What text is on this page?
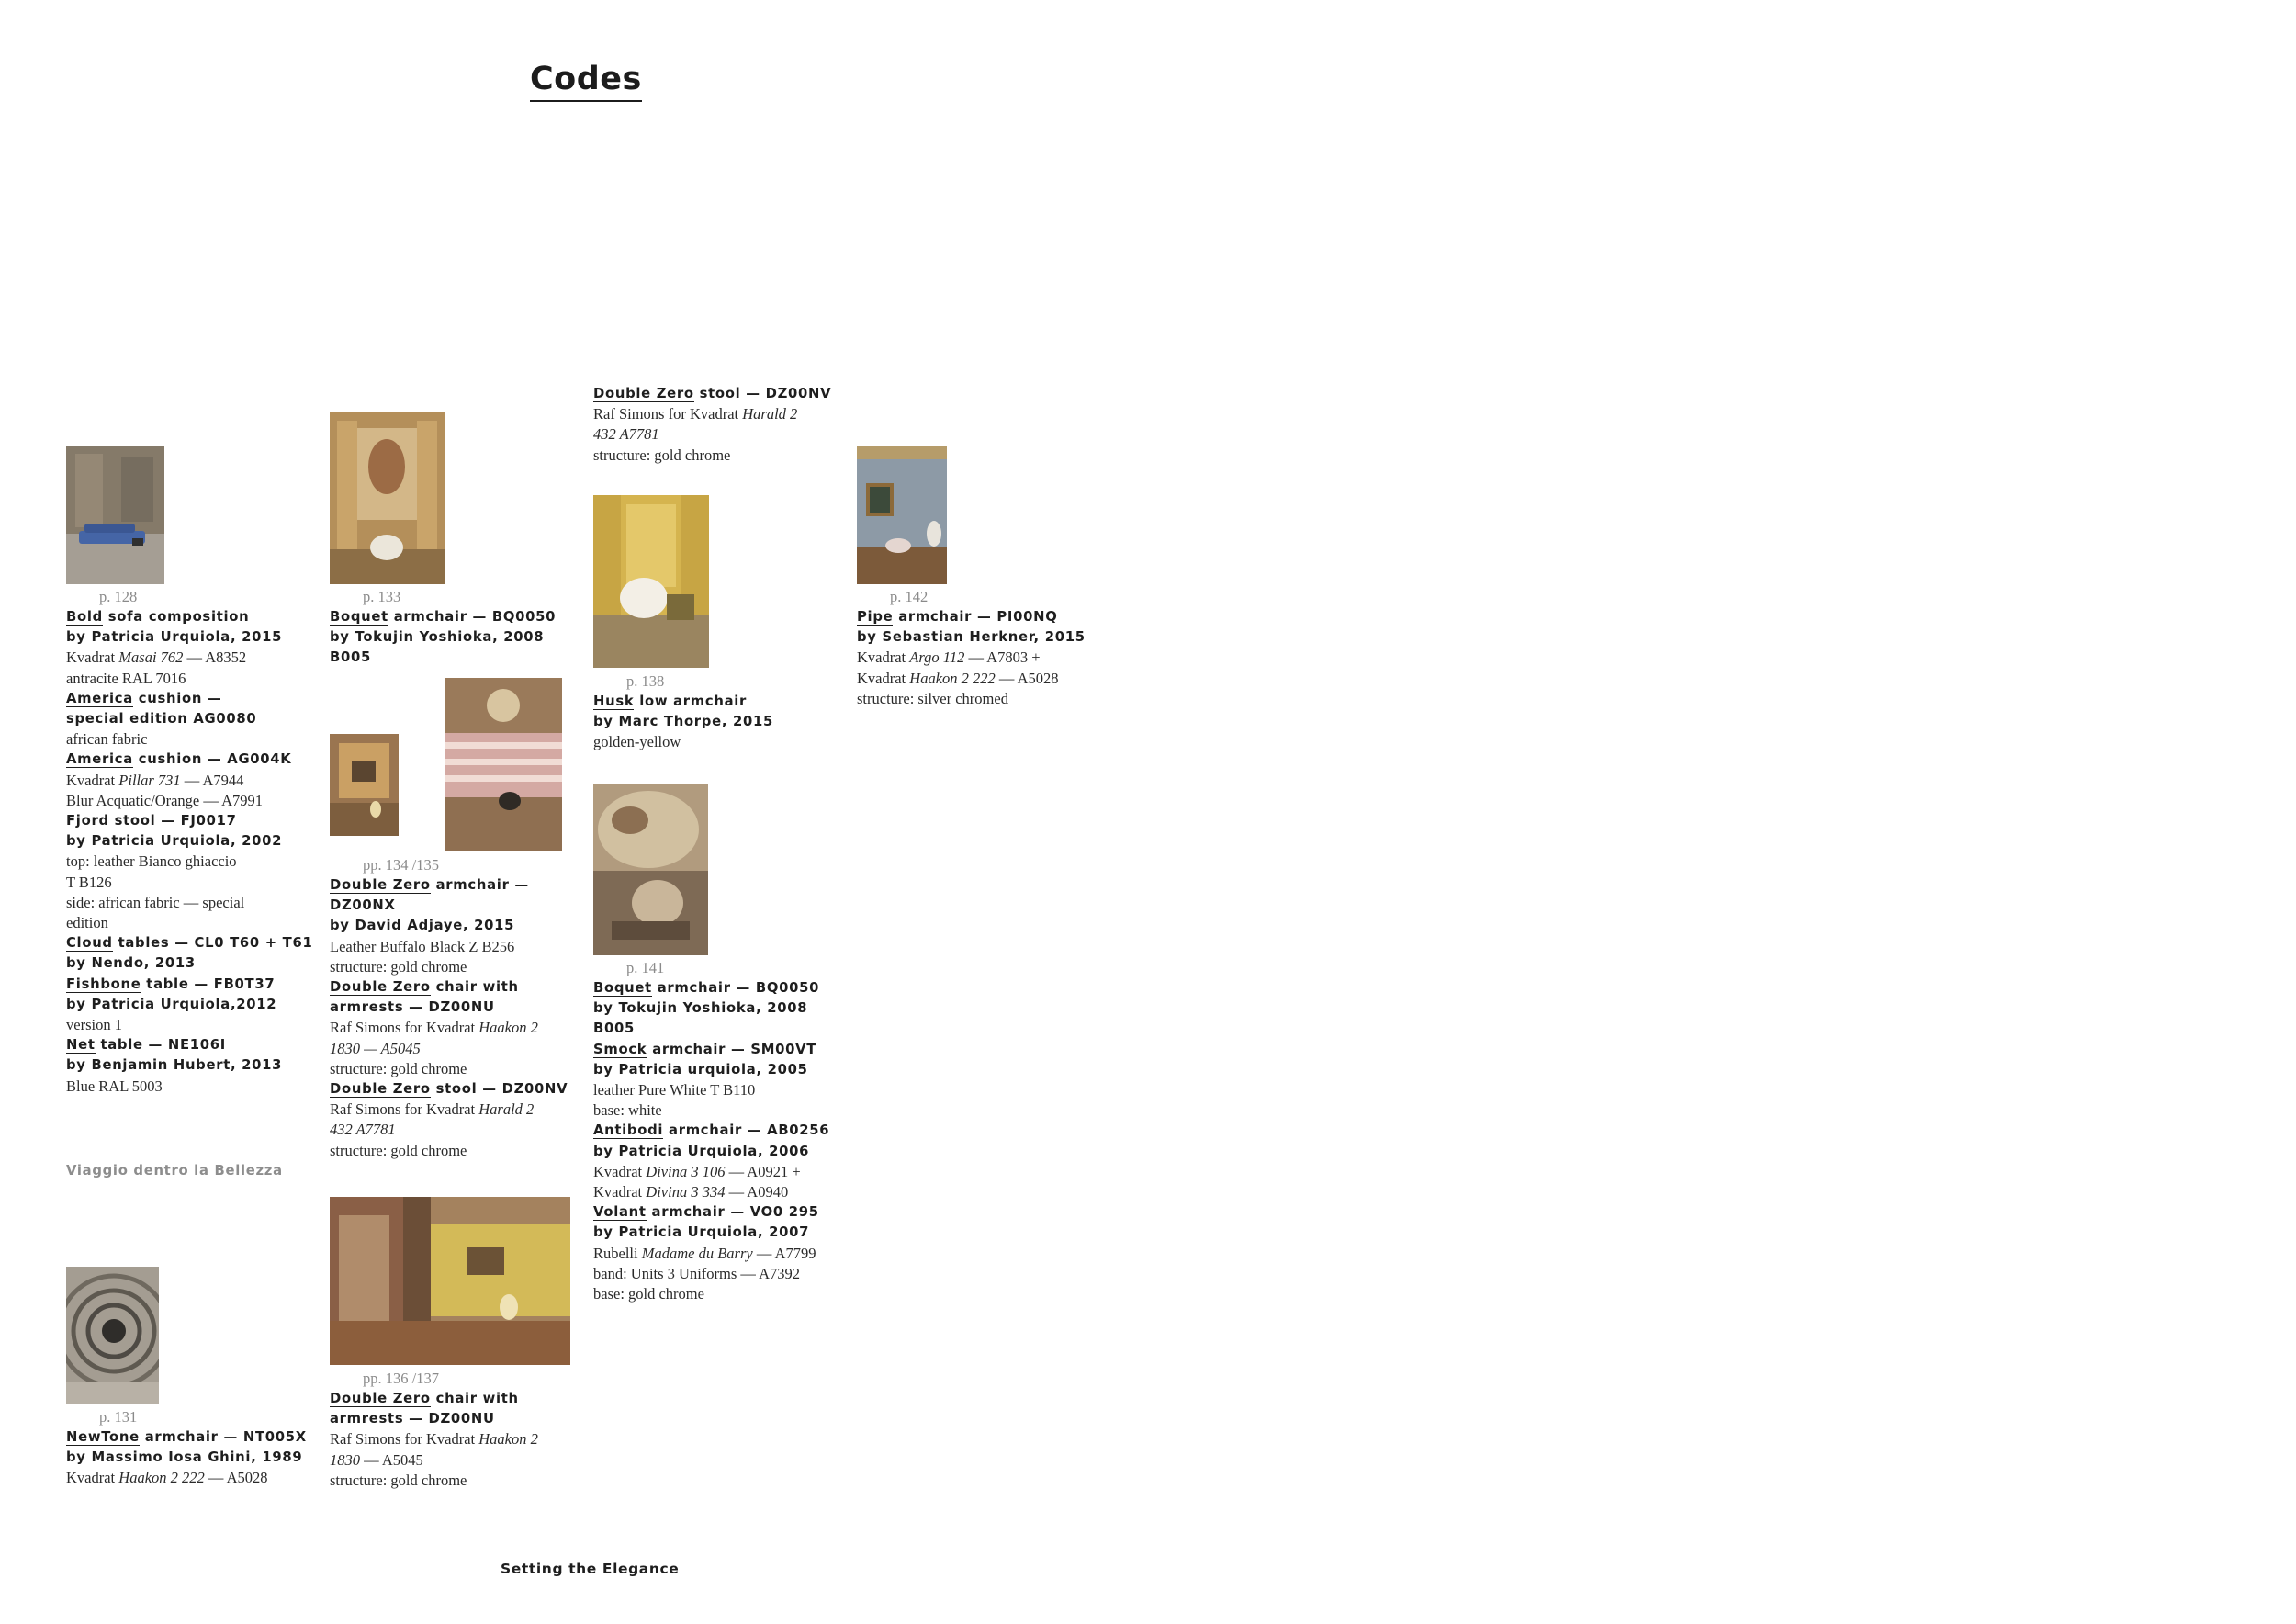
Codes
p. 128
Bold sofa composition
by Patricia Urquiola, 2015
Kvadrat Masai 762 — A8352
antracite RAL 7016
America cushion —
special edition AG0080
african fabric
America cushion — AG004K
Kvadrat Pillar 731 — A7944
Blur Acquatic/Orange — A7991
Fjord stool — FJ0017
by Patricia Urquiola, 2002
top: leather Bianco ghiaccio
T B126
side: african fabric — special
edition
Cloud tables — CL0 T60 + T61
by Nendo, 2013
Fishbone table — FB0T37
by Patricia Urquiola,2012
version 1
Net table — NE106I
by Benjamin Hubert, 2013
Blue RAL 5003
Viaggio dentro la Bellezza
p. 131
NewTone armchair — NT005X
by Massimo Iosa Ghini, 1989
Kvadrat Haakon 2 222 — A5028
p. 133
Boquet armchair — BQ0050
by Tokujin Yoshioka, 2008
B005
pp. 134 /135
Double Zero armchair —
DZ00NX
by David Adjaye, 2015
Leather Buffalo Black Z B256
structure: gold chrome
Double Zero chair with
armrests — DZ00NU
Raf Simons for Kvadrat Haakon 2
1830 — A5045
structure: gold chrome
Double Zero stool — DZ00NV
Raf Simons for Kvadrat Harald 2
432 A7781
structure: gold chrome
pp. 136 /137
Double Zero chair with
armrests — DZ00NU
Raf Simons for Kvadrat Haakon 2
1830 — A5045
structure: gold chrome
Double Zero stool — DZ00NV
Raf Simons for Kvadrat Harald 2
432 A7781
structure: gold chrome
p. 138
Husk low armchair
by Marc Thorpe, 2015
golden-yellow
p. 141
Boquet armchair — BQ0050
by Tokujin Yoshioka, 2008
B005
Smock armchair — SM00VT
by Patricia urquiola, 2005
leather Pure White T B110
base: white
Antibodi armchair — AB0256
by Patricia Urquiola, 2006
Kvadrat Divina 3 106 — A0921 +
Kvadrat Divina 3 334 — A0940
Volant armchair — VO0 295
by Patricia Urquiola, 2007
Rubelli Madame du Barry — A7799
band: Units 3 Uniforms — A7392
base: gold chrome
p. 142
Pipe armchair — PI00NQ
by Sebastian Herkner, 2015
Kvadrat Argo 112 — A7803 +
Kvadrat Haakon 2 222 — A5028
structure: silver chromed
Setting the Elegance
